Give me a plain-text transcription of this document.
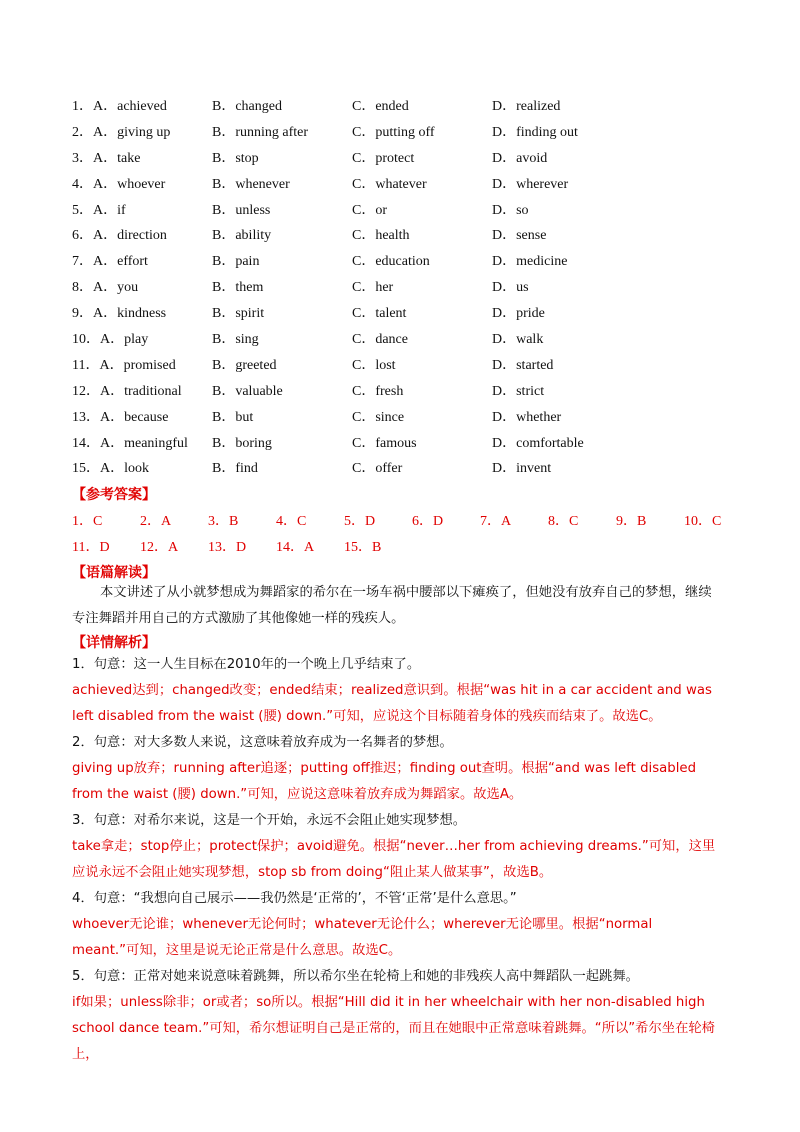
1． A．achieved	B．changed	C．ended	D．realized
2． A．giving up	B．running after	C．putting off	D．finding out
3． A．take	B．stop	C．protect	D．avoid
4． A．whoever	B．whenever	C．whatever	D．wherever
5． A．if	B．unless	C．or	D．so
6． A．direction	B．ability	C．health	D．sense
7． A．effort	B．pain	C．education	D．medicine
8． A．you	B．them	C．her	D．us
9． A．kindness	B．spirit	C．talent	D．pride
10． A．play	B．sing	C．dance	D．walk
11． A．promised	B．greeted	C．lost	D．started
12． A．traditional	B．valuable	C．fresh	D．strict
13． A．because	B．but	C．since	D．whether
14． A．meaningful	B．boring	C．famous	D．comfortable
15． A．look	B．find	C．offer	D．invent
【参考答案】
1．C	2．A	3．B	4．C	5．D	6．D	7．A	8．C	9．B	10．C
11．D	12．A	13．D	14．A	15．B
【语篇解读】
本文讲述了从小就梦想成为舞蹈家的希尔在一场车祸中腰部以下瘫痪了，但她没有放弃自己的梦想，继续专注舞蹈并用自己的方式激励了其他像她一样的残疾人。
【详情解析】
1．句意：这一人生目标在2010年的一个晚上几乎结束了。
achieved达到；changed改变；ended结束；realized意识到。根据“was hit in a car accident and was left disabled from the waist (腰) down.”可知，应说这个目标随着身体的残疾而结束了。故选C。
2．句意：对大多数人来说，这意味着放弃成为一名舞者的梦想。
giving up放弃；running after追逐；putting off推迟；finding out查明。根据“and was left disabled from the waist (腰) down.”可知，应说这意味着放弃成为舞蹈家。故选A。
3．句意：对希尔来说，这是一个开始，永远不会阻止她实现梦想。
take拿走；stop停止；protect保护；avoid避免。根据“never…her from achieving dreams.”可知，这里应说永远不会阻止她实现梦想，stop sb from doing“阻止某人做某事”，故选B。
4．句意：“我想向自己展示——我仍然是‘正常的’，不管‘正常’是什么意思。”
whoever无论谁；whenever无论何时；whatever无论什么；wherever无论哪里。根据“normal meant.”可知，这里是说无论正常是什么意思。故选C。
5．句意：正常对她来说意味着跳舞，所以希尔坐在轮椅上和她的非残疾人高中舞蹈队一起跳舞。
if如果；unless除非；or或者；so所以。根据“Hill did it in her wheelchair with her non-disabled high school dance team.”可知，希尔想证明自己是正常的，而且在她眼中正常意味着跳舞。“所以”希尔坐在轮椅上，
